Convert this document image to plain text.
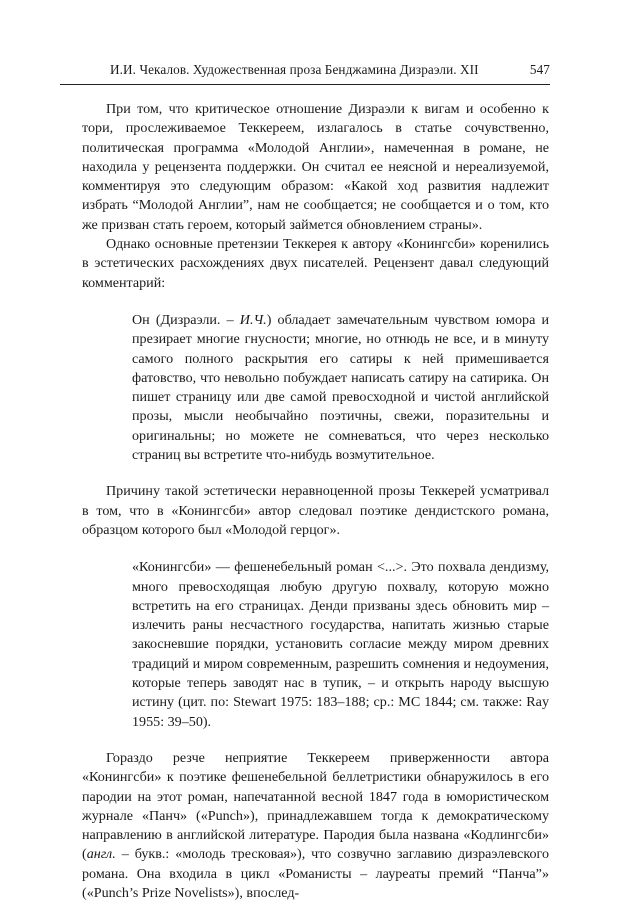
И.И. Чекалов. Художественная проза Бенджамина Дизраэли. XII	547

При том, что критическое отношение Дизраэли к вигам и особенно к тори, прослеживаемое Теккереем, излагалось в статье сочувственно, политическая программа «Молодой Англии», намеченная в романе, не находила у рецензента поддержки. Он считал ее неясной и нереализуемой, комментируя это следующим образом: «Какой ход развития надлежит избрать “Молодой Англии”, нам не сообщается; не сообщается и о том, кто же призван стать героем, который займется обновлением страны».

Однако основные претензии Теккерея к автору «Конингсби» коренились в эстетических расхождениях двух писателей. Рецензент давал следующий комментарий:

Он (Дизраэли. – И.Ч.) обладает замечательным чувством юмора и презирает многие гнусности; многие, но отнюдь не все, и в минуту самого полного раскрытия его сатиры к ней примешивается фатовство, что невольно побуждает написать сатиру на сатирика. Он пишет страницу или две самой превосходной и чистой английской прозы, мысли необычайно поэтичны, свежи, поразительны и оригинальны; но можете не сомневаться, что через несколько страниц вы встретите что-нибудь возмутительное.

Причину такой эстетически неравноценной прозы Теккерей усматривал в том, что в «Конингсби» автор следовал поэтике дендистского романа, образцом которого был «Молодой герцог».

«Конингсби» — фешенебельный роман <...>. Это похвала дендизму, много превосходящая любую другую похвалу, которую можно встретить на его страницах. Денди призваны здесь обновить мир – излечить раны несчастного государства, напитать жизнью старые закосневшие порядки, установить согласие между миром древних традиций и миром современным, разрешить сомнения и недоумения, которые теперь заводят нас в тупик, – и открыть народу высшую истину (цит. по: Stewart 1975: 183–188; ср.: MC 1844; см. также: Ray 1955: 39–50).

Гораздо резче неприятие Теккереем приверженности автора «Конингсби» к поэтике фешенебельной беллетристики обнаружилось в его пародии на этот роман, напечатанной весной 1847 года в юмористическом журнале «Панч» («Punch»), принадлежавшем тогда к демократическому направлению в английской литературе. Пародия была названа «Кодлингсби» (англ. – букв.: «молодь тресковая»), что созвучно заглавию дизраэлевского романа. Она входила в цикл «Романисты – лауреаты премий “Панча”» («Punch’s Prize Novelists»), впослед-
